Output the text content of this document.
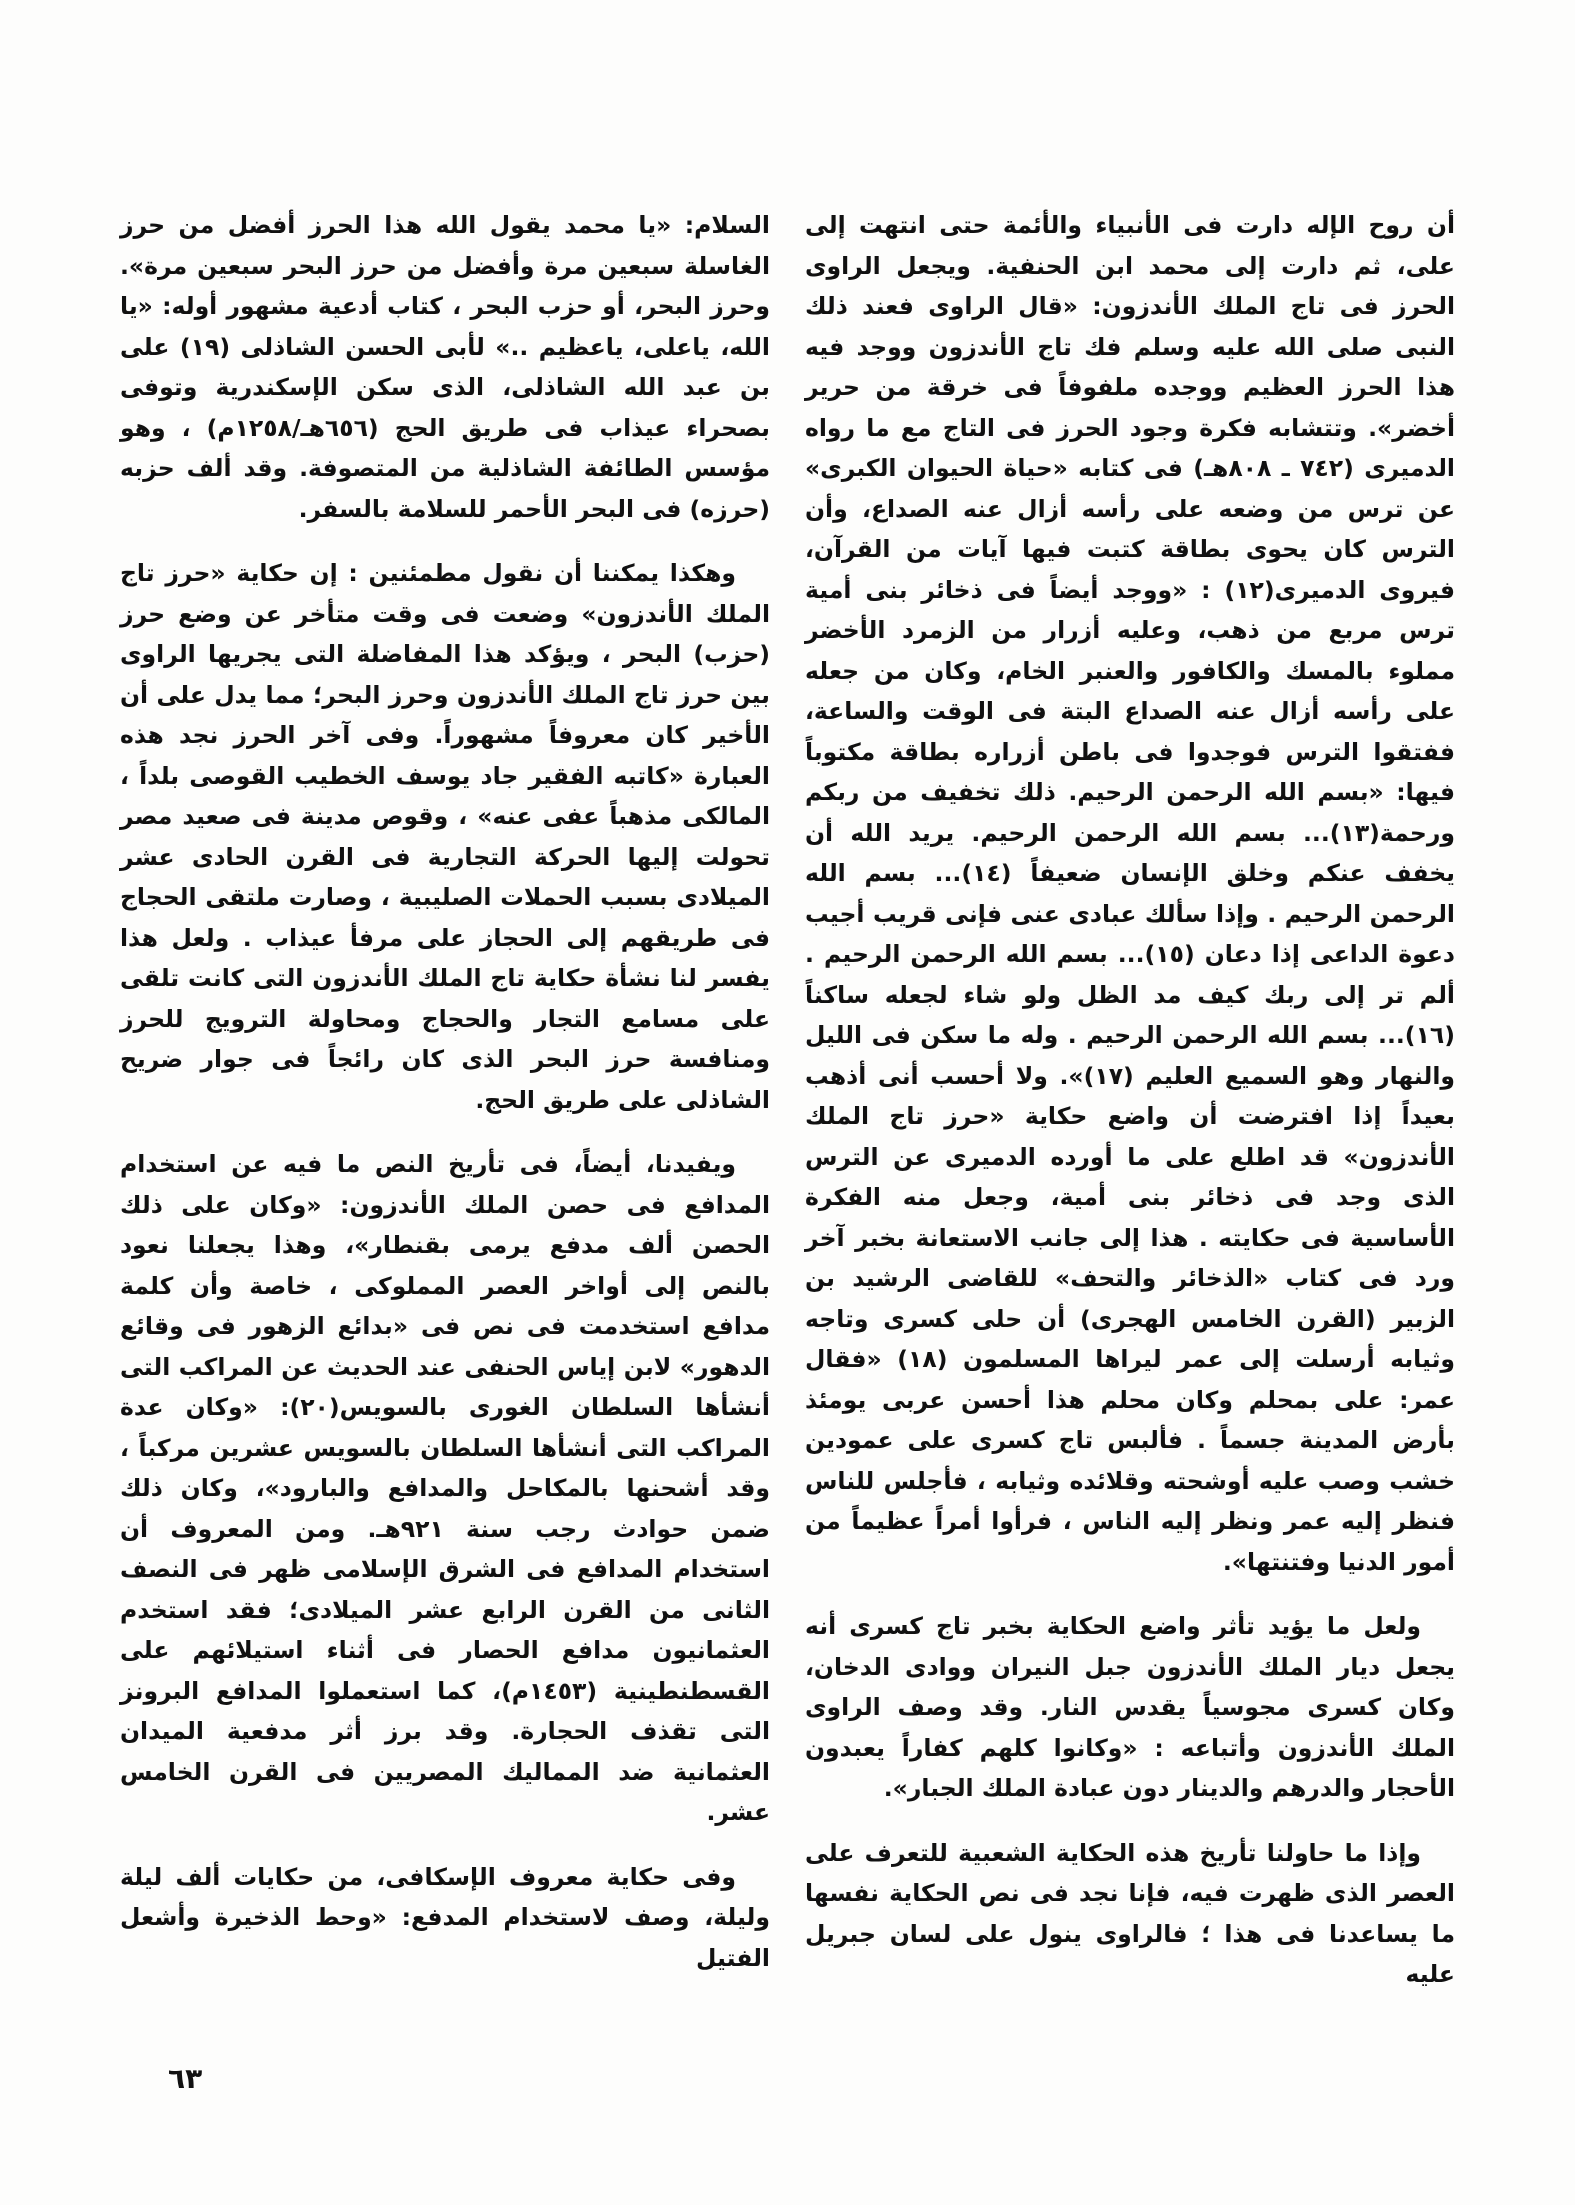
أن روح الإله دارت فى الأنبياء والأئمة حتى انتهت إلى على، ثم دارت إلى محمد ابن الحنفية. ويجعل الراوى الحرز فى تاج الملك الأندزون: «قال الراوى فعند ذلك النبى صلى الله عليه وسلم فك تاج الأندزون ووجد فيه هذا الحرز العظيم ووجده ملفوفاً فى خرقة من حرير أخضر». وتتشابه فكرة وجود الحرز فى التاج مع ما رواه الدميرى (٧٤٢ ـ ٨٠٨هـ) فى كتابه «حياة الحيوان الكبرى» عن ترس من وضعه على رأسه أزال عنه الصداع، وأن الترس كان يحوى بطاقة كتبت فيها آيات من القرآن، فيروى الدميرى(١٢) : «ووجد أيضاً فى ذخائر بنى أمية ترس مربع من ذهب، وعليه أزرار من الزمرد الأخضر مملوء بالمسك والكافور والعنبر الخام، وكان من جعله على رأسه أزال عنه الصداع البتة فى الوقت والساعة، ففتقوا الترس فوجدوا فى باطن أزراره بطاقة مكتوباً فيها: «بسم الله الرحمن الرحيم. ذلك تخفيف من ربكم ورحمة(١٣)... بسم الله الرحمن الرحيم. يريد الله أن يخفف عنكم وخلق الإنسان ضعيفاً (١٤)... بسم الله الرحمن الرحيم . وإذا سألك عبادى عنى فإنى قريب أجيب دعوة الداعى إذا دعان (١٥)... بسم الله الرحمن الرحيم . ألم تر إلى ربك كيف مد الظل ولو شاء لجعله ساكناً (١٦)... بسم الله الرحمن الرحيم . وله ما سكن فى الليل والنهار وهو السميع العليم (١٧)». ولا أحسب أنى أذهب بعيداً إذا افترضت أن واضع حكاية «حرز تاج الملك الأندزون» قد اطلع على ما أورده الدميرى عن الترس الذى وجد فى ذخائر بنى أمية، وجعل منه الفكرة الأساسية فى حكايته . هذا إلى جانب الاستعانة بخبر آخر ورد فى كتاب «الذخائر والتحف» للقاضى الرشيد بن الزبير (القرن الخامس الهجرى) أن حلى كسرى وتاجه وثيابه أرسلت إلى عمر ليراها المسلمون (١٨) «فقال عمر: على بمحلم وكان محلم هذا أحسن عربى يومئذ بأرض المدينة جسماً . فألبس تاج كسرى على عمودين خشب وصب عليه أوشحته وقلائده وثيابه ، فأجلس للناس فنظر إليه عمر ونظر إليه الناس ، فرأوا أمراً عظيماً من أمور الدنيا وفتنتها».

ولعل ما يؤيد تأثر واضع الحكاية بخبر تاج كسرى أنه يجعل ديار الملك الأندزون جبل النيران ووادى الدخان، وكان كسرى مجوسياً يقدس النار. وقد وصف الراوى الملك الأندزون وأتباعه : «وكانوا كلهم كفاراً يعبدون الأحجار والدرهم والدينار دون عبادة الملك الجبار».

وإذا ما حاولنا تأريخ هذه الحكاية الشعبية للتعرف على العصر الذى ظهرت فيه، فإنا نجد فى نص الحكاية نفسها ما يساعدنا فى هذا ؛ فالراوى ينول على لسان جبريل عليه

السلام: «يا محمد يقول الله هذا الحرز أفضل من حرز الغاسلة سبعين مرة وأفضل من حرز البحر سبعين مرة». وحرز البحر، أو حزب البحر ، كتاب أدعية مشهور أوله: «يا الله، ياعلى، ياعظيم ..» لأبى الحسن الشاذلى (١٩) على بن عبد الله الشاذلى، الذى سكن الإسكندرية وتوفى بصحراء عيذاب فى طريق الحج (٦٥٦هـ/١٢٥٨م) ، وهو مؤسس الطائفة الشاذلية من المتصوفة. وقد ألف حزبه (حرزه) فى البحر الأحمر للسلامة بالسفر.

وهكذا يمكننا أن نقول مطمئنين : إن حكاية «حرز تاج الملك الأندزون» وضعت فى وقت متأخر عن وضع حرز (حزب) البحر ، ويؤكد هذا المفاضلة التى يجريها الراوى بين حرز تاج الملك الأندزون وحرز البحر؛ مما يدل على أن الأخير كان معروفاً مشهوراً. وفى آخر الحرز نجد هذه العبارة «كاتبه الفقير جاد يوسف الخطيب القوصى بلداً ، المالكى مذهباً عفى عنه» ، وقوص مدينة فى صعيد مصر تحولت إليها الحركة التجارية فى القرن الحادى عشر الميلادى بسبب الحملات الصليبية ، وصارت ملتقى الحجاج فى طريقهم إلى الحجاز على مرفأ عيذاب . ولعل هذا يفسر لنا نشأة حكاية تاج الملك الأندزون التى كانت تلقى على مسامع التجار والحجاج ومحاولة الترويج للحرز ومنافسة حرز البحر الذى كان رائجاً فى جوار ضريح الشاذلى على طريق الحج.

ويفيدنا، أيضاً، فى تأريخ النص ما فيه عن استخدام المدافع فى حصن الملك الأندزون: «وكان على ذلك الحصن ألف مدفع يرمى بقنطار»، وهذا يجعلنا نعود بالنص إلى أواخر العصر المملوكى ، خاصة وأن كلمة مدافع استخدمت فى نص فى «بدائع الزهور فى وقائع الدهور» لابن إياس الحنفى عند الحديث عن المراكب التى أنشأها السلطان الغورى بالسويس(٢٠): «وكان عدة المراكب التى أنشأها السلطان بالسويس عشرين مركباً ، وقد أشحنها بالمكاحل والمدافع والبارود»، وكان ذلك ضمن حوادث رجب سنة ٩٢١هـ. ومن المعروف أن استخدام المدافع فى الشرق الإسلامى ظهر فى النصف الثانى من القرن الرابع عشر الميلادى؛ فقد استخدم العثمانيون مدافع الحصار فى أثناء استيلائهم على القسطنطينية (١٤٥٣م)، كما استعملوا المدافع البرونز التى تقذف الحجارة. وقد برز أثر مدفعية الميدان العثمانية ضد المماليك المصريين فى القرن الخامس عشر.

وفى حكاية معروف الإسكافى، من حكايات ألف ليلة وليلة، وصف لاستخدام المدفع: «وحط الذخيرة وأشعل الفتيل

٦٣
